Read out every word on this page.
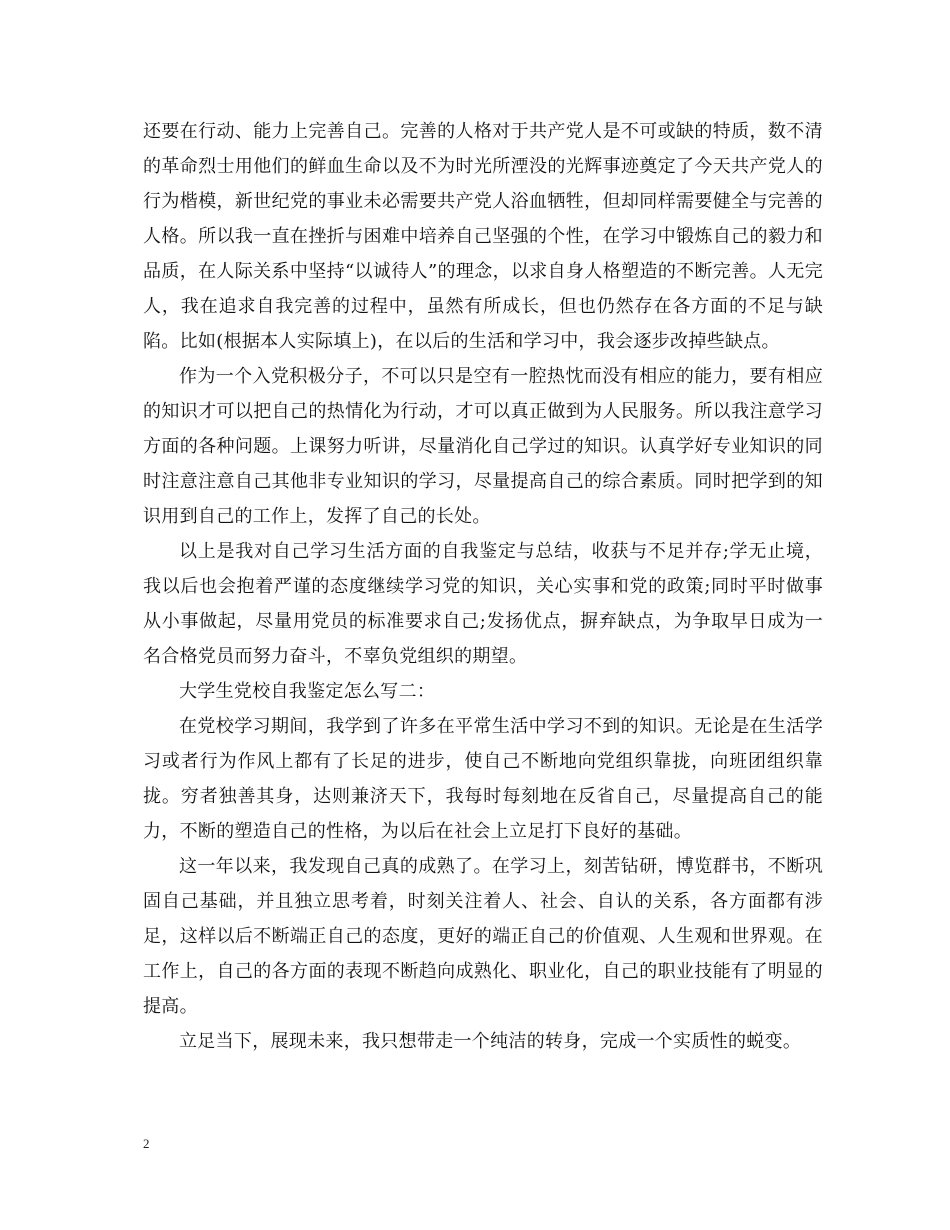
还要在行动、能力上完善自己。完善的人格对于共产党人是不可或缺的特质，数不清的革命烈士用他们的鲜血生命以及不为时光所湮没的光辉事迹奠定了今天共产党人的行为楷模，新世纪党的事业未必需要共产党人浴血牺牲，但却同样需要健全与完善的人格。所以我一直在挫折与困难中培养自己坚强的个性，在学习中锻炼自己的毅力和品质，在人际关系中坚持“以诚待人”的理念，以求自身人格塑造的不断完善。人无完人，我在追求自我完善的过程中，虽然有所成长，但也仍然存在各方面的不足与缺陷。比如(根据本人实际填上)，在以后的生活和学习中，我会逐步改掉些缺点。

作为一个入党积极分子，不可以只是空有一腔热忱而没有相应的能力，要有相应的知识才可以把自己的热情化为行动，才可以真正做到为人民服务。所以我注意学习方面的各种问题。上课努力听讲，尽量消化自己学过的知识。认真学好专业知识的同时注意注意自己其他非专业知识的学习，尽量提高自己的综合素质。同时把学到的知识用到自己的工作上，发挥了自己的长处。

以上是我对自己学习生活方面的自我鉴定与总结，收获与不足并存;学无止境，我以后也会抱着严谨的态度继续学习党的知识，关心实事和党的政策;同时平时做事从小事做起，尽量用党员的标准要求自己;发扬优点，摒弃缺点，为争取早日成为一名合格党员而努力奋斗，不辜负党组织的期望。

大学生党校自我鉴定怎么写二：

在党校学习期间，我学到了许多在平常生活中学习不到的知识。无论是在生活学习或者行为作风上都有了长足的进步，使自己不断地向党组织靠拢，向班团组织靠拢。穷者独善其身，达则兼济天下，我每时每刻地在反省自己，尽量提高自己的能力，不断的塑造自己的性格，为以后在社会上立足打下良好的基础。

这一年以来，我发现自己真的成熟了。在学习上，刻苦钻研，博览群书，不断巩固自己基础，并且独立思考着，时刻关注着人、社会、自认的关系，各方面都有涉足，这样以后不断端正自己的态度，更好的端正自己的价值观、人生观和世界观。在工作上，自己的各方面的表现不断趋向成熟化、职业化，自己的职业技能有了明显的提高。

立足当下，展现未来，我只想带走一个纯洁的转身，完成一个实质性的蜕变。

2
